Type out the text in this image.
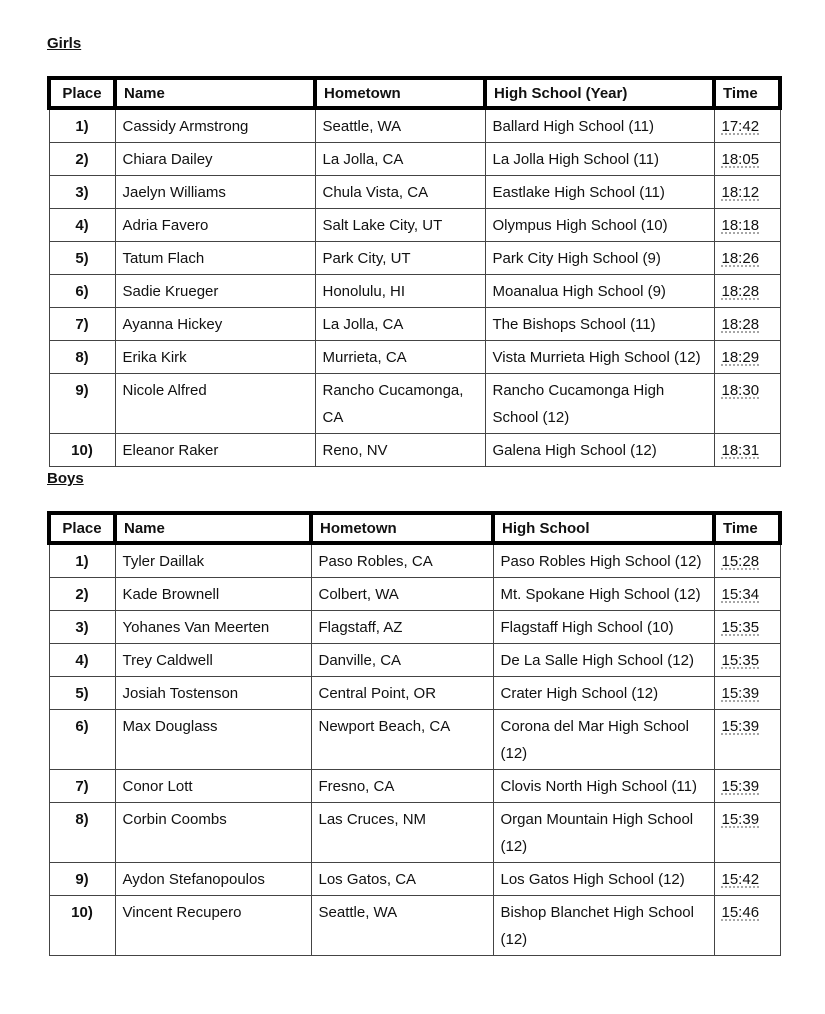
Girls
Place	Name	Hometown	High School (Year)	Time
1)	Cassidy Armstrong	Seattle, WA	Ballard High School (11)	17:42
2)	Chiara Dailey	La Jolla, CA	La Jolla High School (11)	18:05
3)	Jaelyn Williams	Chula Vista, CA	Eastlake High School (11)	18:12
4)	Adria Favero	Salt Lake City, UT	Olympus High School (10)	18:18
5)	Tatum Flach	Park City, UT	Park City High School (9)	18:26
6)	Sadie Krueger	Honolulu, HI	Moanalua High School (9)	18:28
7)	Ayanna Hickey	La Jolla, CA	The Bishops School (11)	18:28
8)	Erika Kirk	Murrieta, CA	Vista Murrieta High School (12)	18:29
9)	Nicole Alfred	Rancho Cucamonga, CA	Rancho Cucamonga High School (12)	18:30
10)	Eleanor Raker	Reno, NV	Galena High School (12)	18:31
Boys
Place	Name	Hometown	High School	Time
1)	Tyler Daillak	Paso Robles, CA	Paso Robles High School (12)	15:28
2)	Kade Brownell	Colbert, WA	Mt. Spokane High School (12)	15:34
3)	Yohanes Van Meerten	Flagstaff, AZ	Flagstaff High School (10)	15:35
4)	Trey Caldwell	Danville, CA	De La Salle High School (12)	15:35
5)	Josiah Tostenson	Central Point, OR	Crater High School (12)	15:39
6)	Max Douglass	Newport Beach, CA	Corona del Mar High School (12)	15:39
7)	Conor Lott	Fresno, CA	Clovis North High School (11)	15:39
8)	Corbin Coombs	Las Cruces, NM	Organ Mountain High School (12)	15:39
9)	Aydon Stefanopoulos	Los Gatos, CA	Los Gatos High School (12)	15:42
10)	Vincent Recupero	Seattle, WA	Bishop Blanchet High School (12)	15:46
